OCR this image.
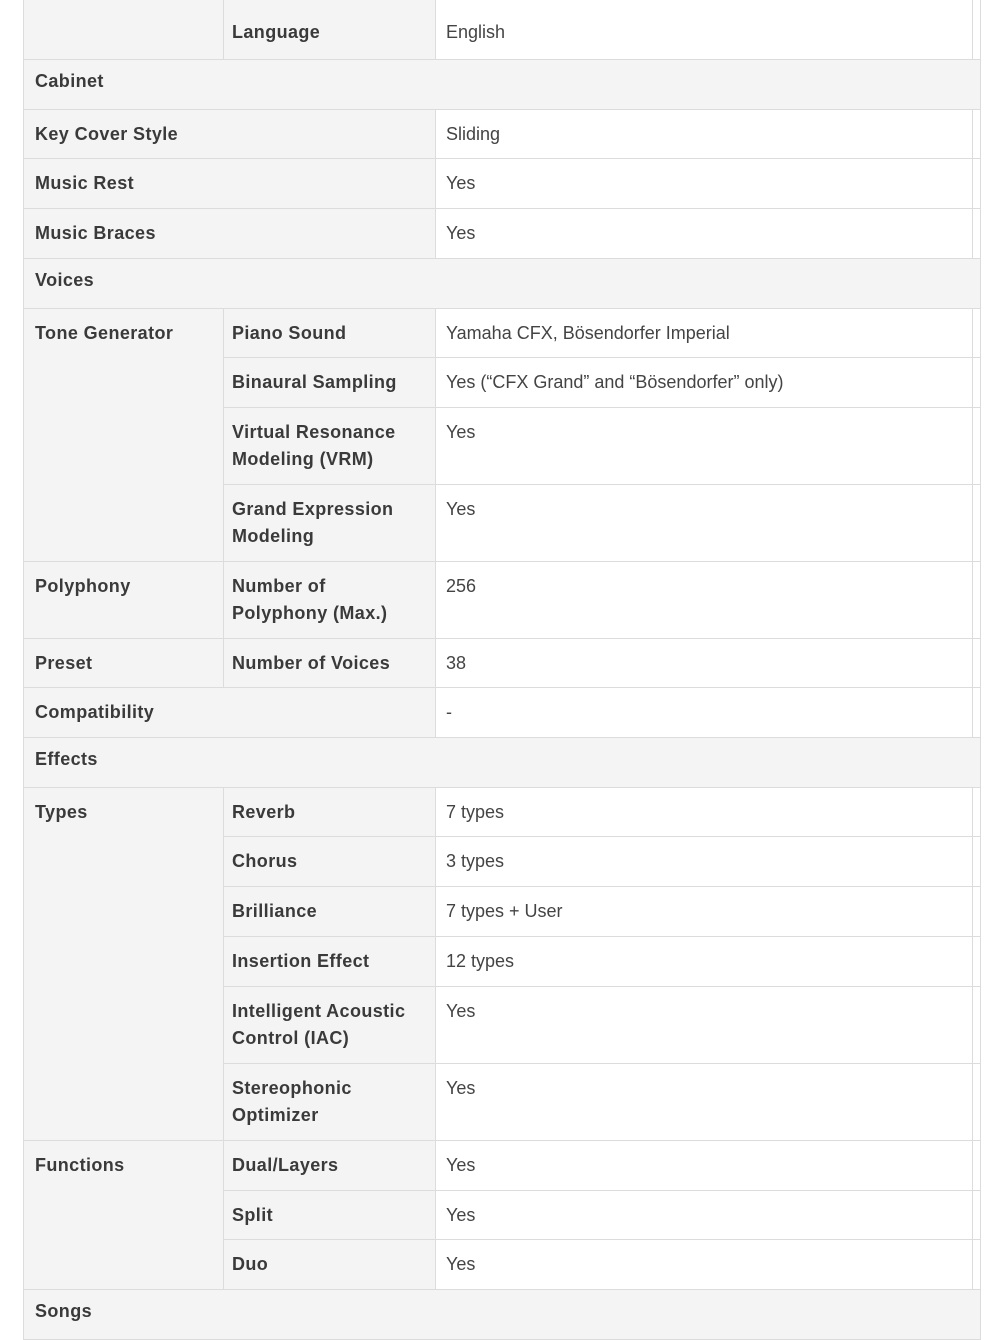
	Language	English	

Cabinet			

Key Cover Style		Sliding	

Music Rest		Yes	

Music Braces		Yes	

Voices			

Tone Generator	Piano Sound	Yamaha CFX, Bösendorfer Imperial	

	Binaural Sampling	Yes (“CFX Grand” and “Bösendorfer” only)	

	Virtual Resonance Modeling (VRM)	Yes	

	Grand Expression Modeling	Yes	

Polyphony	Number of Polyphony (Max.)	256	

Preset	Number of Voices	38	

Compatibility		-	

Effects			

Types	Reverb	7 types	

	Chorus	3 types	

	Brilliance	7 types + User	

	Insertion Effect	12 types	

	Intelligent Acoustic Control (IAC)	Yes	

	Stereophonic Optimizer	Yes	

Functions	Dual/Layers	Yes	

	Split	Yes	

	Duo	Yes	

Songs			
